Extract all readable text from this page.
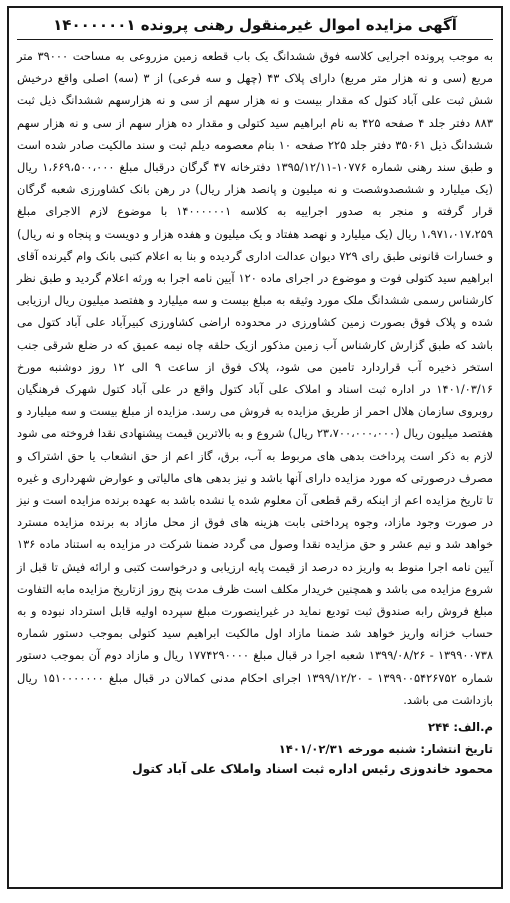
آگهی مزایده اموال غیرمنقول رهنی پرونده ۱۴۰۰۰۰۰۰۱

به موجب پرونده اجرایی کلاسه فوق ششدانگ یک باب قطعه زمین مزروعی به مساحت ۳۹۰۰۰ متر مربع (سی و نه هزار متر مربع) دارای پلاک ۴۳ (چهل و سه فرعی) از ۳ (سه) اصلی واقع درخیش شش ثبت علی آباد کتول که مقدار بیست و نه هزار سهم از سی و نه هزارسهم ششدانگ ذیل ثبت ۸۸۳ دفتر جلد ۴ صفحه ۴۲۵ به نام ابراهیم سید کتولی و مقدار ده هزار سهم از سی و نه هزار سهم ششدانگ ذیل ۳۵۰۶۱ دفتر جلد ۲۲۵ صفحه ۱۰ بنام معصومه دیلم ثبت و سند مالکیت صادر شده است و طبق سند رهنی شماره ۱۰۷۷۶-۱۳۹۵/۱۲/۱۱ دفترخانه ۴۷ گرگان درقبال مبلغ ۱،۶۶۹،۵۰۰،۰۰۰ ریال (یک میلیارد و ششصدوشصت و نه میلیون و پانصد هزار ریال) در رهن بانک کشاورزی شعبه گرگان قرار گرفته و منجر به صدور اجراییه به کلاسه ۱۴۰۰۰۰۰۰۱ با موضوع لازم الاجرای مبلغ ۱،۹۷۱،۰۱۷،۲۵۹ ریال (یک میلیارد و نهصد هفتاد و یک میلیون و هفده هزار و دویست و پنجاه و نه ریال) و خسارات قانونی طبق رای ۷۲۹ دیوان عدالت اداری گردیده و بنا به اعلام کتبی بانک وام گیرنده آقای ابراهیم سید کتولی فوت و موضوع در اجرای ماده ۱۲۰ آیین نامه اجرا به ورثه اعلام گردید و طبق نظر کارشناس رسمی ششدانگ ملک مورد وثیقه به مبلغ بیست و سه میلیارد و هفتصد میلیون ریال ارزیابی شده و پلاک فوق بصورت زمین کشاورزی در محدوده اراضی کشاورزی کبیرآباد علی آباد کتول می باشد که طبق گزارش کارشناس آب زمین مذکور ازیک حلقه چاه نیمه عمیق که در ضلع شرقی جنب استخر ذخیره آب قراردارد تامین می شود، پلاک فوق از ساعت ۹ الی ۱۲ روز دوشنبه مورخ ۱۴۰۱/۰۳/۱۶ در اداره ثبت اسناد و املاک علی آباد کتول واقع در علی آباد کتول شهرک فرهنگیان روبروی سازمان هلال احمر از طریق مزایده به فروش می رسد. مزایده از مبلغ بیست و سه میلیارد و هفتصد میلیون ریال (۲۳،۷۰۰،۰۰۰،۰۰۰ ریال) شروع و به بالاترین قیمت پیشنهادی نقدا فروخته می شود لازم به ذکر است پرداخت بدهی های مربوط به آب، برق، گاز اعم از حق انشعاب یا حق اشتراک و مصرف درصورتی که مورد مزایده دارای آنها باشد و نیز بدهی های مالیاتی و عوارض شهرداری و غیره تا تاریخ مزایده اعم از اینکه رقم قطعی آن معلوم شده یا نشده باشد به عهده برنده مزایده است و نیز در صورت وجود مازاد، وجوه پرداختی بابت هزینه های فوق از محل مازاد به برنده مزایده مسترد خواهد شد و نیم عشر و حق مزایده نقدا وصول می گردد ضمنا شرکت در مزایده به استناد ماده ۱۳۶ آیین نامه اجرا منوط به واریز ده درصد از قیمت پایه ارزیابی و درخواست کتبی و ارائه فیش تا قبل از شروع مزایده می باشد و همچنین خریدار مکلف است ظرف مدت پنج روز ازتاریخ مزایده مابه التفاوت مبلغ فروش رابه صندوق ثبت تودیع نماید در غیراینصورت مبلغ سپرده اولیه قابل استرداد نبوده و به حساب خزانه واریز خواهد شد ضمنا مازاد اول مالکیت ابراهیم سید کتولی بموجب دستور شماره ۱۳۹۹۰۰۷۳۸ - ۱۳۹۹/۰۸/۲۶ شعبه اجرا در قبال مبلغ ۱۷۷۴۲۹۰۰۰۰ ریال و مازاد دوم آن بموجب دستور شماره ۱۳۹۹۰۰۵۴۲۶۷۵۲ - ۱۳۹۹/۱۲/۲۰ اجرای احکام مدنی کمالان در قبال مبلغ ۱۵۱۰۰۰۰۰۰۰ ریال بازداشت می باشد.

م.الف: ۲۴۴
تاریخ انتشار: شنبه مورخه ۱۴۰۱/۰۲/۳۱
محمود خاندوزی رئیس اداره ثبت اسناد واملاک علی آباد کتول
